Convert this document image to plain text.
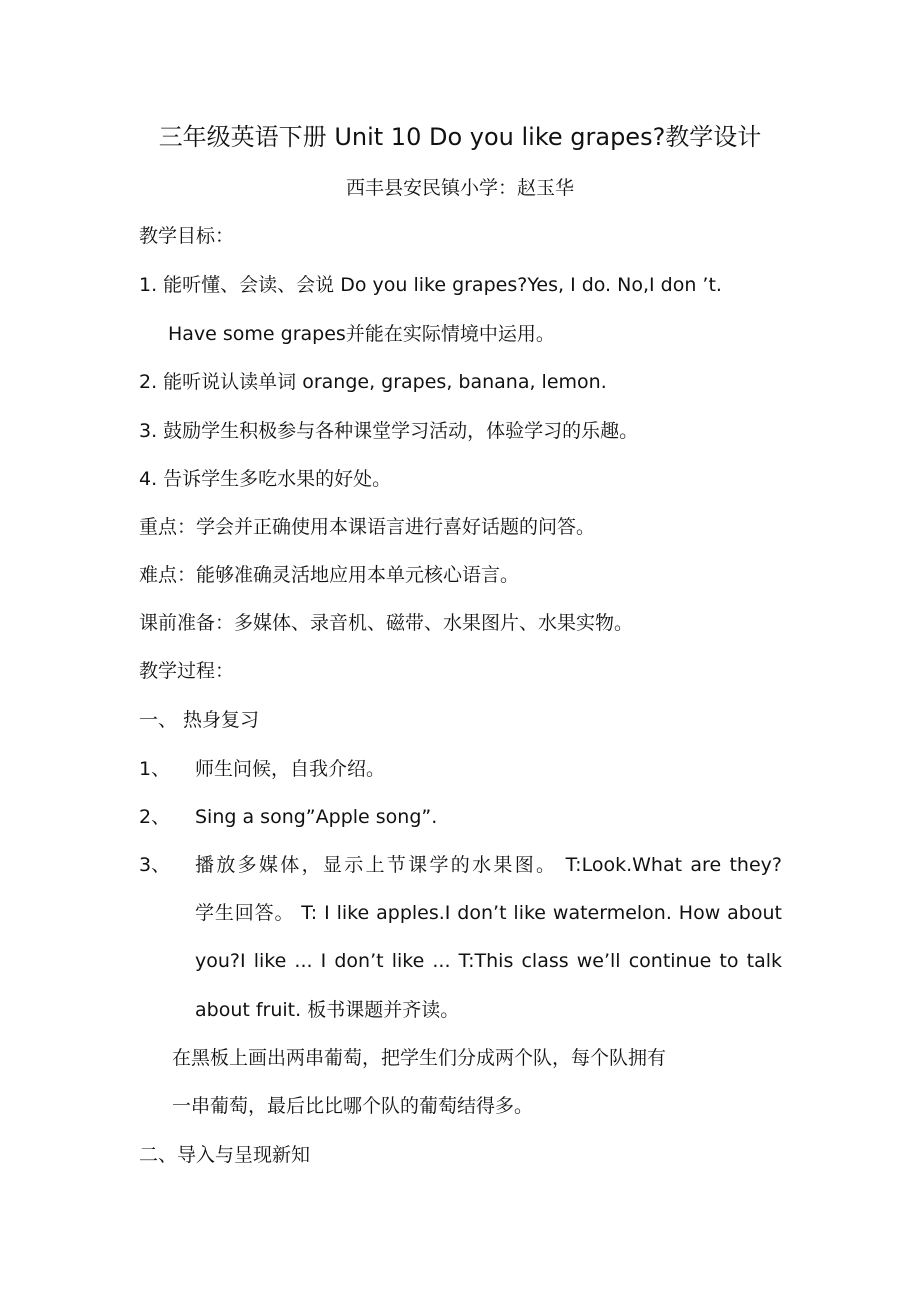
三年级英语下册 Unit 10 Do you like grapes?教学设计
西丰县安民镇小学：赵玉华
教学目标：
1. 能听懂、会读、会说 Do you like grapes?Yes, I do. No,I don ’t.
Have some grapes并能在实际情境中运用。
2. 能听说认读单词 orange, grapes, banana, lemon.
3. 鼓励学生积极参与各种课堂学习活动，体验学习的乐趣。
4. 告诉学生多吃水果的好处。
重点：学会并正确使用本课语言进行喜好话题的问答。
难点：能够准确灵活地应用本单元核心语言。
课前准备：多媒体、录音机、磁带、水果图片、水果实物。
教学过程：
一、 热身复习
1、 师生问候，自我介绍。
2、 Sing a song”Apple song”.
3、 播放多媒体，显示上节课学的水果图。 T:Look.What are they?
学生回答。 T: I like apples.I don’t like watermelon. How about
you?I like ... I don’t like ... T:This class we’ll continue to talk
about fruit. 板书课题并齐读。
在黑板上画出两串葡萄，把学生们分成两个队，每个队拥有
一串葡萄，最后比比哪个队的葡萄结得多。
二、导入与呈现新知
